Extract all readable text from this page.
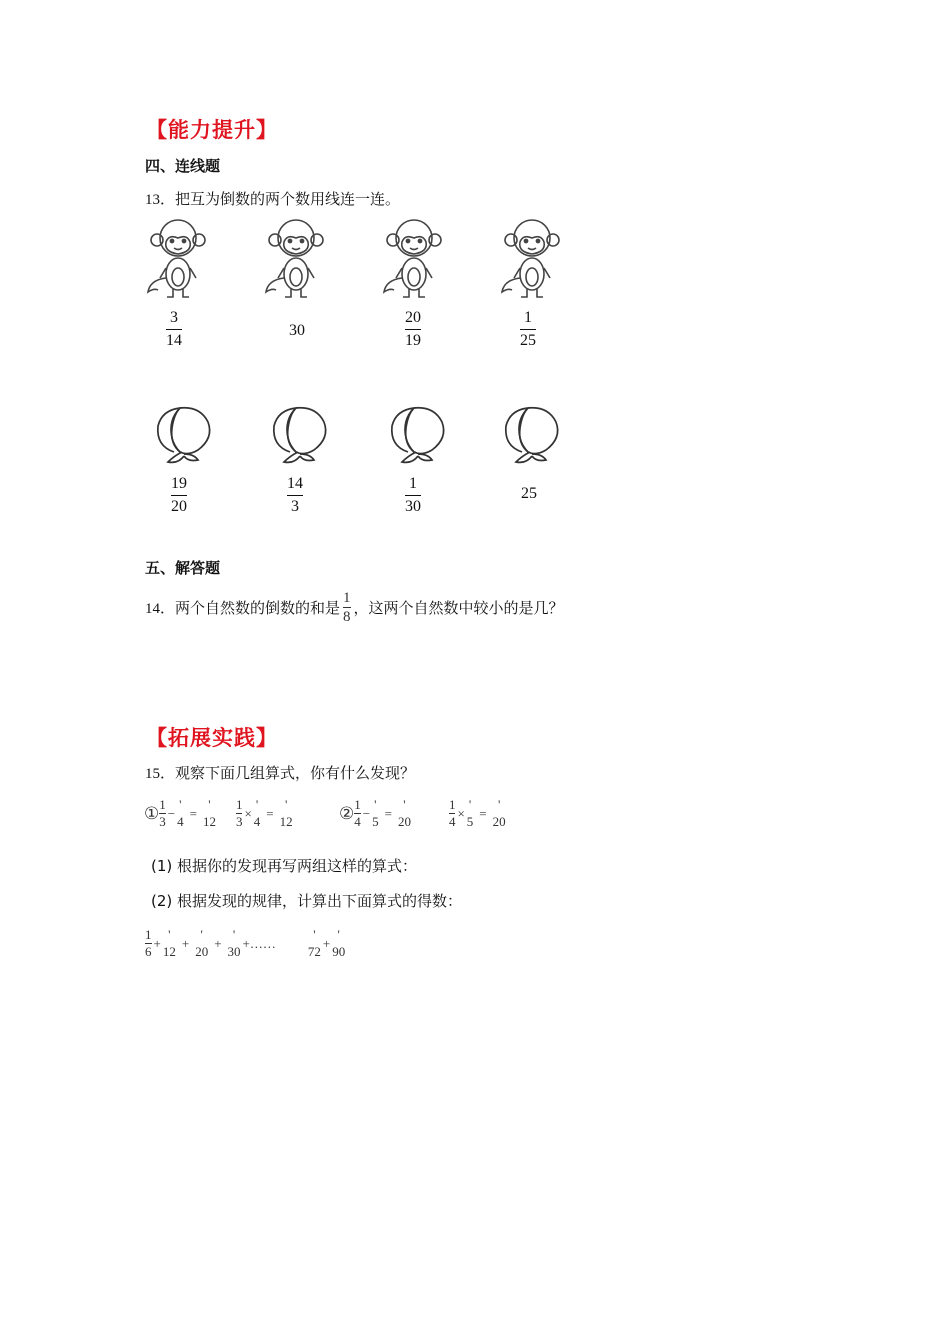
【能力提升】
四、连线题
13．把互为倒数的两个数用线连一连。
3
14
30
20
19
1
25
19
20
14
3
1
30
25
五、解答题
14． 两个自然数的倒数的和是
1
8 ，这两个自然数中较小的是几？
【拓展实践】
15．观察下面几组算式，你有什么发现？
① 1
3
−
'
4
=
'
12
1
3
×
'
4
=
'
12	② 1
4
−
'
5
=
'
20
1
4
×
'
5
=
'
20
(1) 根据你的发现再写两组这样的算式：
(2) 根据发现的规律，计算出下面算式的得数：
1
6
+
'
12
+
'
20
+
'
30
+……
'
72
+
'
90
